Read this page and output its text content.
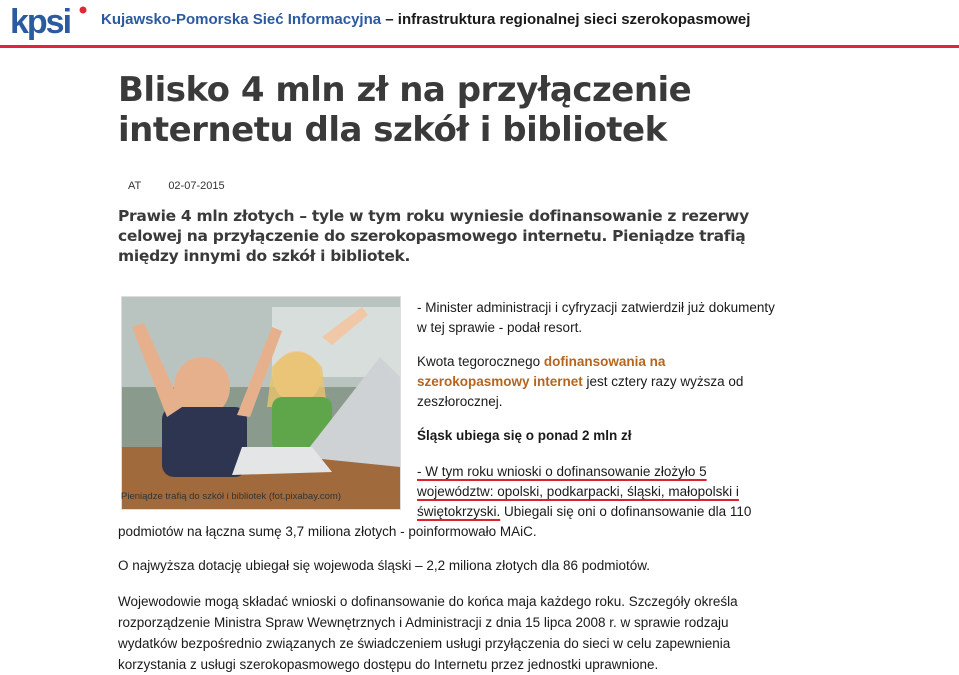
kpsi Kujawsko-Pomorska Sieć Informacyjna – infrastruktura regionalnej sieci szerokopasmowej
Blisko 4 mln zł na przyłączenie internetu dla szkół i bibliotek
AT 02-07-2015

Prawie 4 mln złotych – tyle w tym roku wyniesie dofinansowanie z rezerwy celowej na przyłączenie do szerokopasmowego internetu. Pieniądze trafią między innymi do szkół i bibliotek.

Pieniądze trafią do szkół i bibliotek (fot.pixabay.com)

- Minister administracji i cyfryzacji zatwierdził już dokumenty w tej sprawie - podał resort.

Kwota tegorocznego dofinansowania na szerokopasmowy internet jest cztery razy wyższa od zeszłorocznej.

Śląsk ubiega się o ponad 2 mln zł

- W tym roku wnioski o dofinansowanie złożyło 5 województw: opolski, podkarpacki, śląski, małopolski i świętokrzyski. Ubiegali się oni o dofinansowanie dla 110

podmiotów na łączna sumę 3,7 miliona złotych - poinformowało MAiC.

O najwyższa dotację ubiegał się wojewoda śląski – 2,2 miliona złotych dla 86 podmiotów.

Wojewodowie mogą składać wnioski o dofinansowanie do końca maja każdego roku. Szczegóły określa rozporządzenie Ministra Spraw Wewnętrznych i Administracji z dnia 15 lipca 2008 r. w sprawie rodzaju wydatków bezpośrednio związanych ze świadczeniem usługi przyłączenia do sieci w celu zapewnienia korzystania z usługi szerokopasmowego dostępu do Internetu przez jednostki uprawnione.
